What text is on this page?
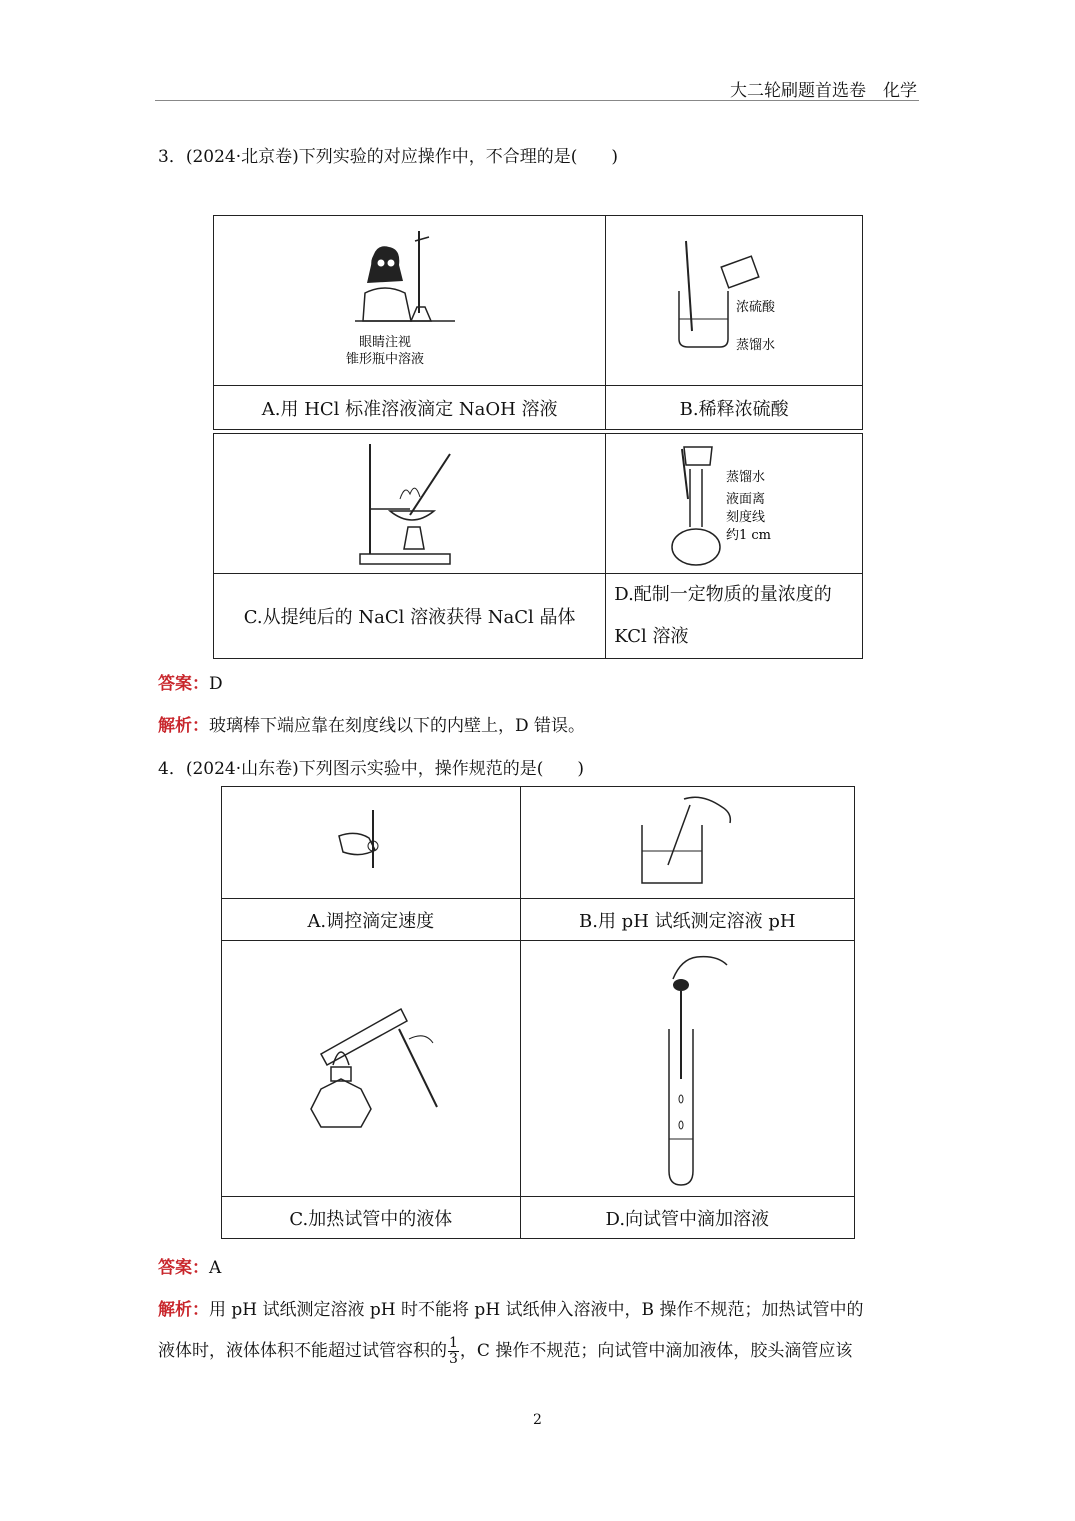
大二轮刷题首选卷　化学
3．(2024·北京卷)下列实验的对应操作中，不合理的是(　　)
眼睛注视
锥形瓶中溶液	浓硫酸
蒸馏水

A.用 HCl 标准溶液滴定 NaOH 溶液	B.稀释浓硫酸

蒸馏水
液面离
刻度线
约1 cm

C.从提纯后的 NaCl 溶液获得 NaCl 晶体	D.配制一定物质的量浓度的
KCl 溶液
答案：D
解析：玻璃棒下端应靠在刻度线以下的内壁上，D 错误。
4．(2024·山东卷)下列图示实验中，操作规范的是(　　)

A.调控滴定速度	B.用 pH 试纸测定溶液 pH

C.加热试管中的液体	D.向试管中滴加溶液
答案：A
解析：用 pH 试纸测定溶液 pH 时不能将 pH 试纸伸入溶液中，B 操作不规范；加热试管中的
液体时，液体体积不能超过试管容积的 $\frac{1}{3}$，C 操作不规范；向试管中滴加液体，胶头滴管应该
2
